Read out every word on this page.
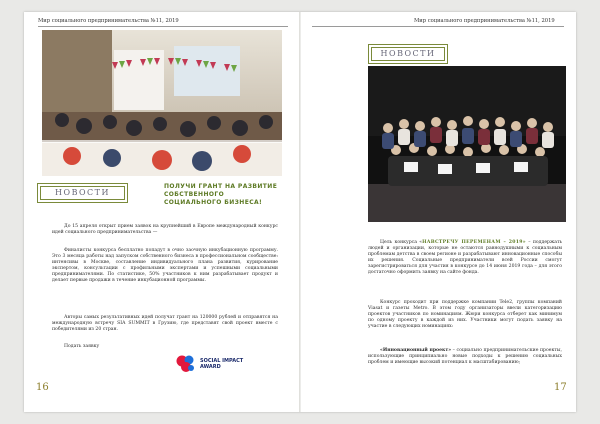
Мир социального предпринимательства №11, 2019
НОВОСТИ
ПОЛУЧИ ГРАНТ НА РАЗВИТИЕ СОБСТВЕННОГО СОЦИАЛЬНОГО БИЗНЕСА!

До 15 апреля открыт прием заявок на крупнейший в Европе международный конкурс идей социального предпринимательства —

Финалисты конкурса бесплатно попадут в очно заочную инкубационную программу. Это 3 месяца работы над запуском собственного бизнеса в профессиональном сообществе: интенсивы в Москве, составление индивидуального плана развития, курирование экспертом, консультации с профильными экспертами и успешными социальными предпринимателями. По статистике, 50% участников к ним разрабатывает продукт и делает первые продажи в течение инкубационной программы.

Авторы самых результативных идей получат грант на 120000 рублей и отправятся на международную встречу SIA SUMMIT в Грузию, где представят свой проект вместе с победителями из 20 стран.

Подать заявку
SOCIAL IMPACT
AWARD
16
Мир социального предпринимательства №11, 2019
НОВОСТИ

Цель конкурса «НАВСТРЕЧУ ПЕРЕМЕНАМ – 2019» – поддержать людей и организации, которые не остаются равнодушными к социальным проблемам детства в своем регионе и разрабатывают инновационные способы их решения. Социальные предприниматели всей России смогут зарегистрироваться для участия в конкурсе до 14 июня 2019 года – для этого достаточно оформить заявку на сайте фонда.

Конкурс проходит при поддержке компании Tele2, группы компаний Viasat и газеты Metro. В этом году организаторы ввели категоризацию проектов участников по номинациям. Жюри конкурса отберет как минимум по одному проекту в каждой из них. Участники могут подать заявку на участие в следующих номинациях:

«Инновационный проект» – социально предпринимательские проекты, использующие принципиально новые подходы к решению социальных проблем и имеющие высокий потенциал к масштабированию;

17
